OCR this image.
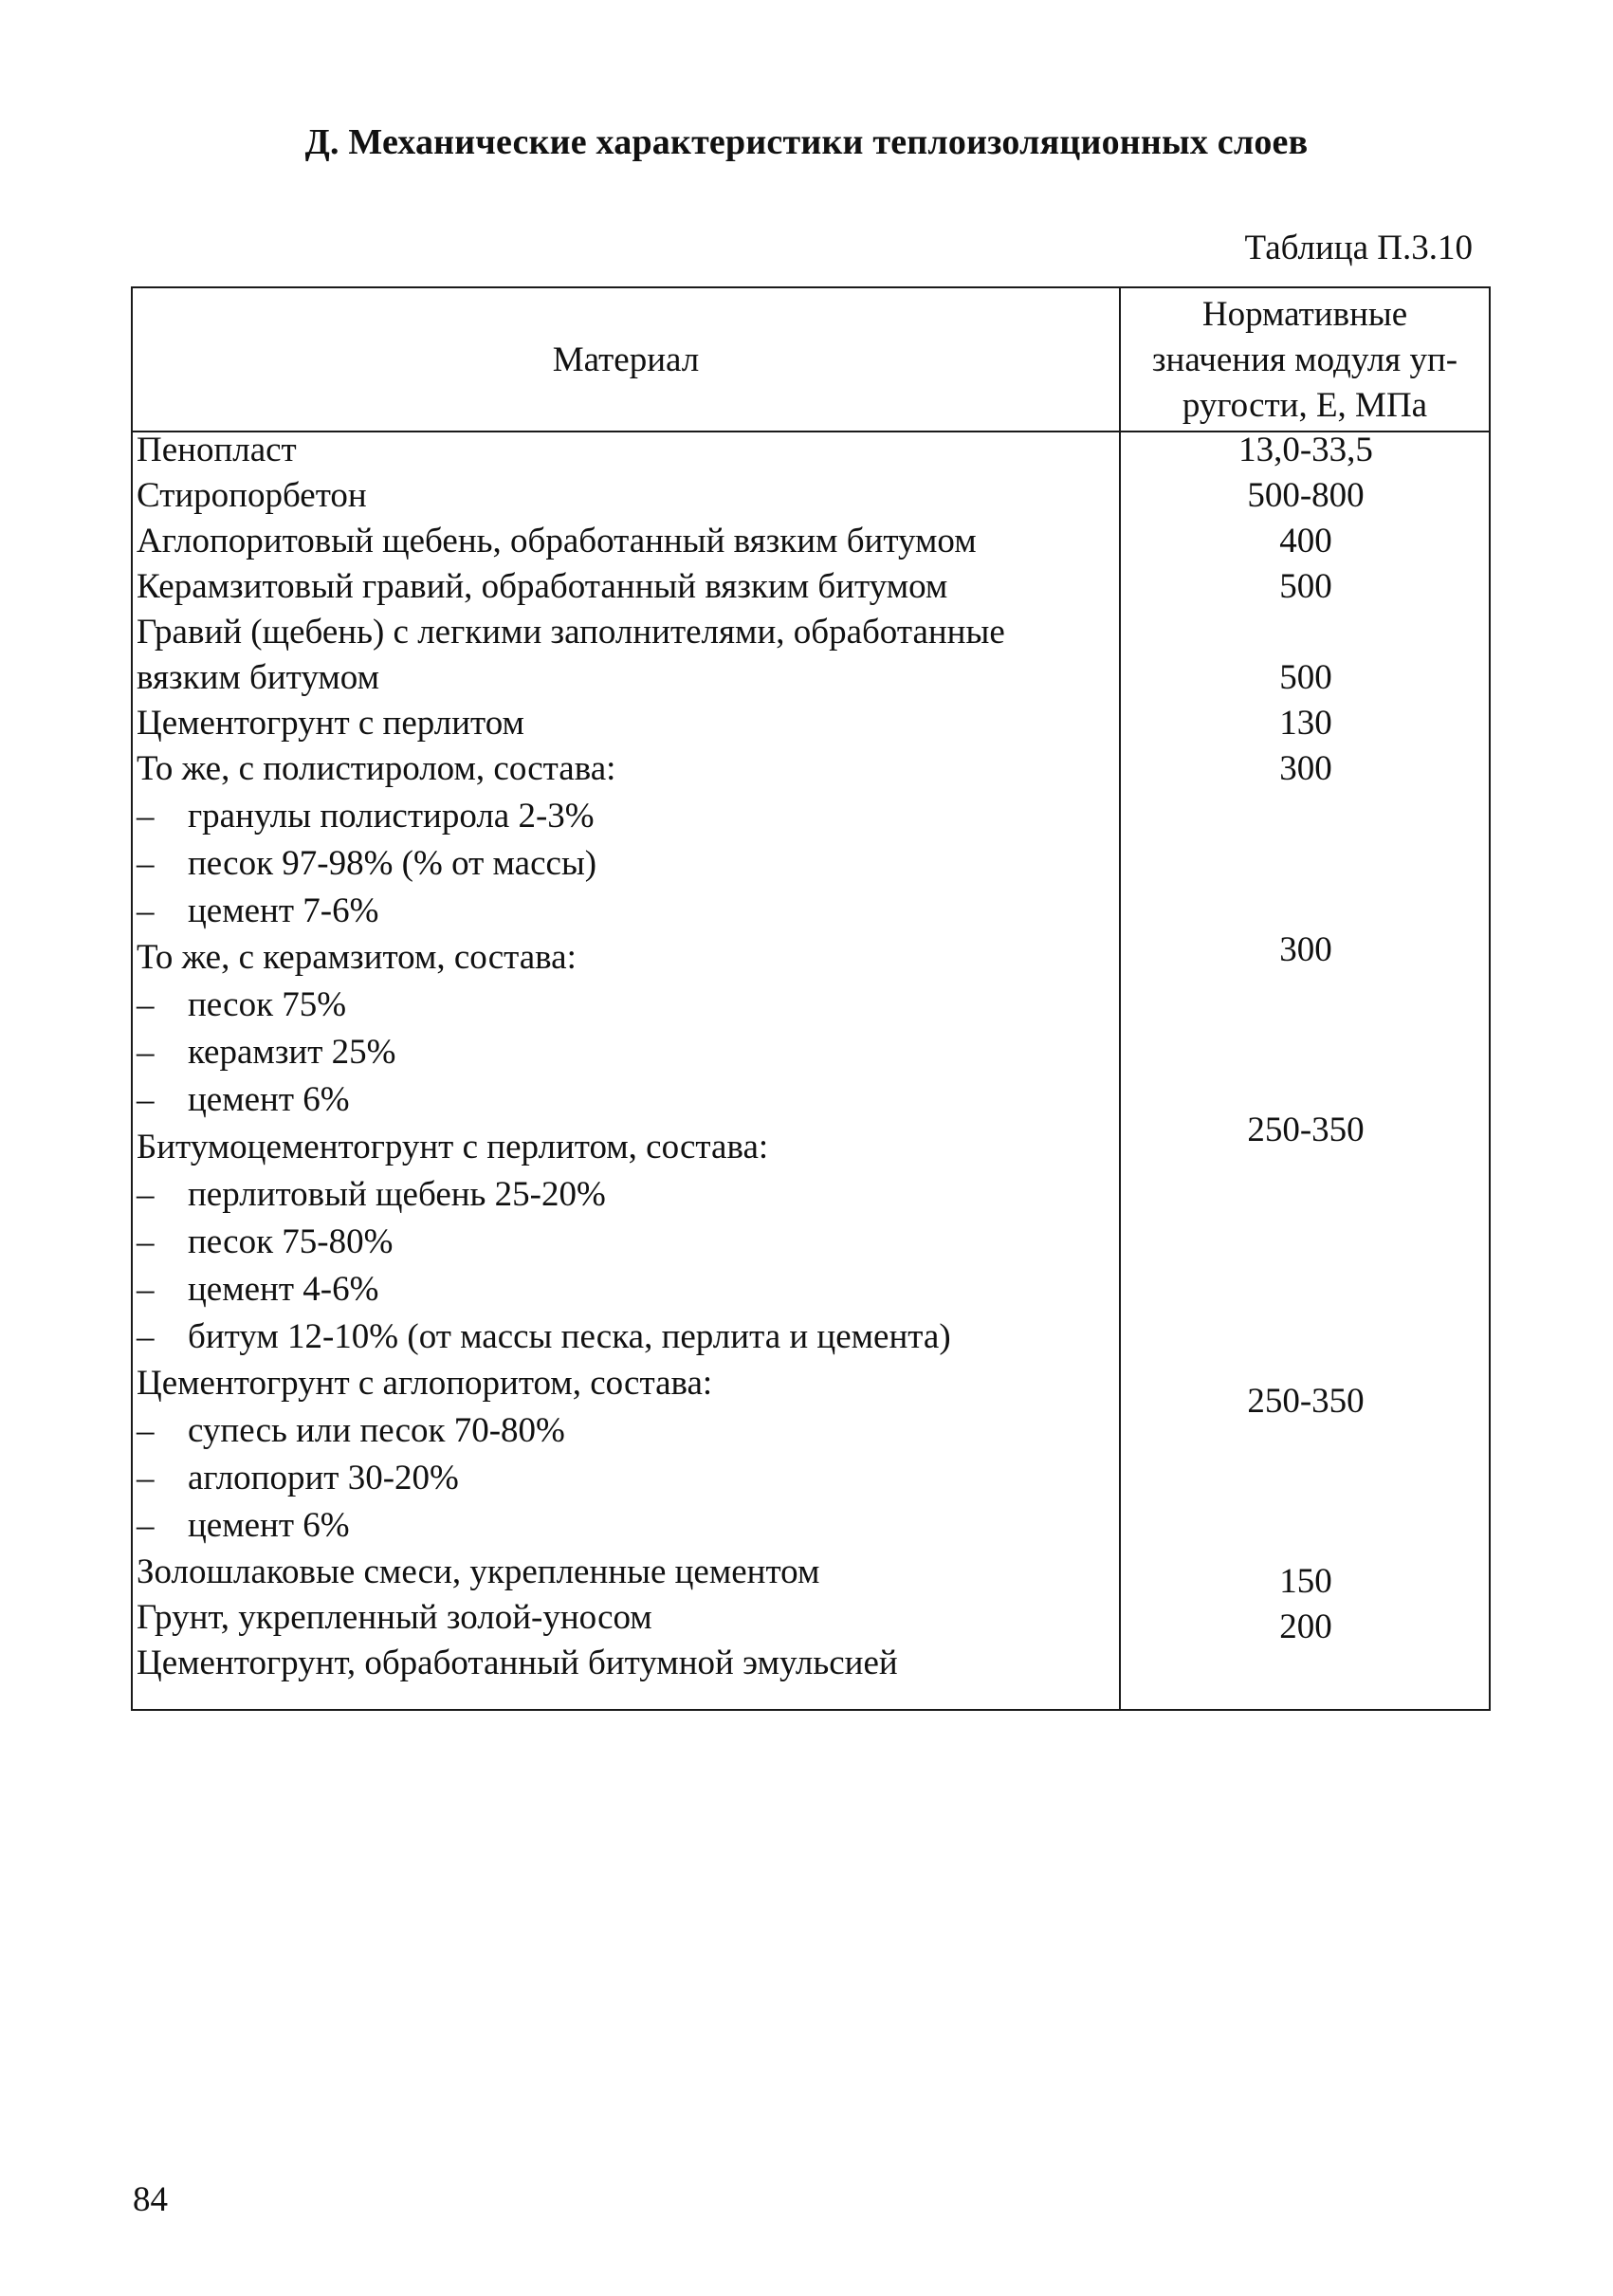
Д. Механические характеристики теплоизоляционных слоев
Таблица П.3.10
Материал
Нормативные
значения модуля уп-
ругости, Е, МПа
Пенопласт
Стиропорбетон
Аглопоритовый щебень, обработанный вязким битумом
Керамзитовый гравий, обработанный вязким битумом
Гравий (щебень) с легкими заполнителями, обработанные
вязким битумом
Цементогрунт с перлитом
То же, с полистиролом, состава:
– гранулы полистирола 2-3%
– песок 97-98% (% от массы)
– цемент 7-6%
То же, с керамзитом, состава:
– песок 75%
– керамзит 25%
– цемент 6%
Битумоцементогрунт с перлитом, состава:
– перлитовый щебень 25-20%
– песок 75-80%
– цемент 4-6%
– битум 12-10% (от массы песка, перлита и цемента)
Цементогрунт с аглопоритом, состава:
– супесь или песок 70-80%
– аглопорит 30-20%
– цемент 6%
Золошлаковые смеси, укрепленные цементом
Грунт, укрепленный золой-уносом
Цементогрунт, обработанный битумной эмульсией
13,0-33,5
500-800
400
500
500
130
300
300
250-350
250-350
150
200
84
